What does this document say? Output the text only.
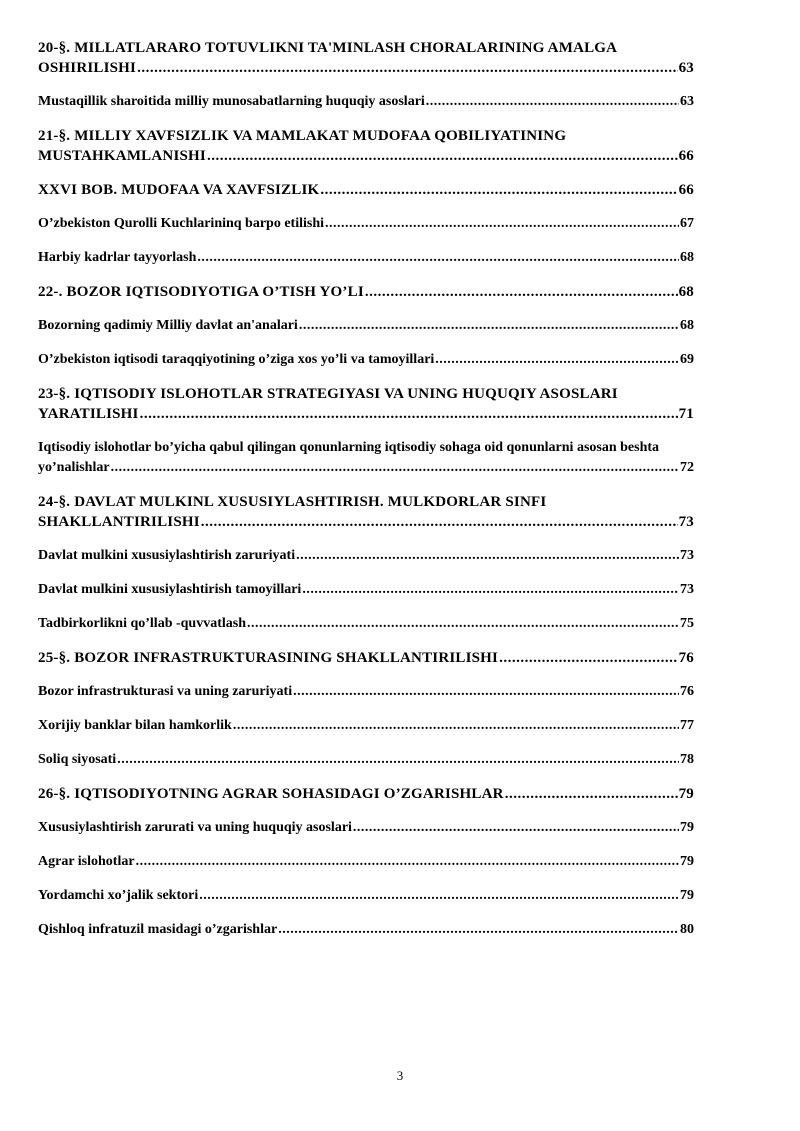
20-§. MILLATLARARO TOTUVLIKNI TA'MINLASH CHORALARINING AMALGA
OSHIRILISHI .....	63
Mustaqillik sharoitida milliy munosabatlarning huquqiy asoslari .....	63
21-§. MILLIY XAVFSIZLIK VA MAMLAKAT MUDOFAA QOBILIYATINING
MUSTAHKAMLANISHI .....	66
XXVI BOB. MUDOFAA VA XAVFSIZLIK .....	66
O’zbekiston Qurolli Kuchlarininq barpo etilishi .....	67
Harbiy kadrlar tayyorlash .....	68
22-. BOZOR IQTISODIYOTIGA O’TISH YO’LI .....	68
Bozorning qadimiy Milliy davlat an'analari .....	68
O’zbekiston iqtisodi taraqqiyotining o’ziga xos yo’li va tamoyillari .....	69
23-§. IQTISODIY ISLOHOTLAR STRATEGIYASI VA UNING HUQUQIY ASOSLARI
YARATILISHI .....	71
Iqtisodiy islohotlar bo’yicha qabul qilingan qonunlarning iqtisodiy sohaga oid qonunlarni asosan beshta
yo’nalishlar .....	72
24-§. DAVLAT MULKINL XUSUSIYLASHTIRISH. MULKDORLAR SINFI
SHAKLLANTIRILISHI .....	73
Davlat mulkini xususiylashtirish zaruriyati .....	73
Davlat mulkini xususiylashtirish tamoyillari .....	73
Tadbirkorlikni qo’llab -quvvatlash .....	75
25-§. BOZOR INFRASTRUKTURASINING SHAKLLANTIRILISHI .....	76
Bozor infrastrukturasi va uning zaruriyati .....	76
Xorijiy banklar bilan hamkorlik .....	77
Soliq siyosati .....	78
26-§. IQTISODIYOTNING AGRAR SOHASIDAGI O’ZGARISHLAR .....	79
Xususiylashtirish zarurati va uning huquqiy asoslari .....	79
Agrar islohotlar .....	79
Yordamchi xo’jalik sektori .....	79
Qishloq infratuzil masidagi o’zgarishlar .....	80
3
